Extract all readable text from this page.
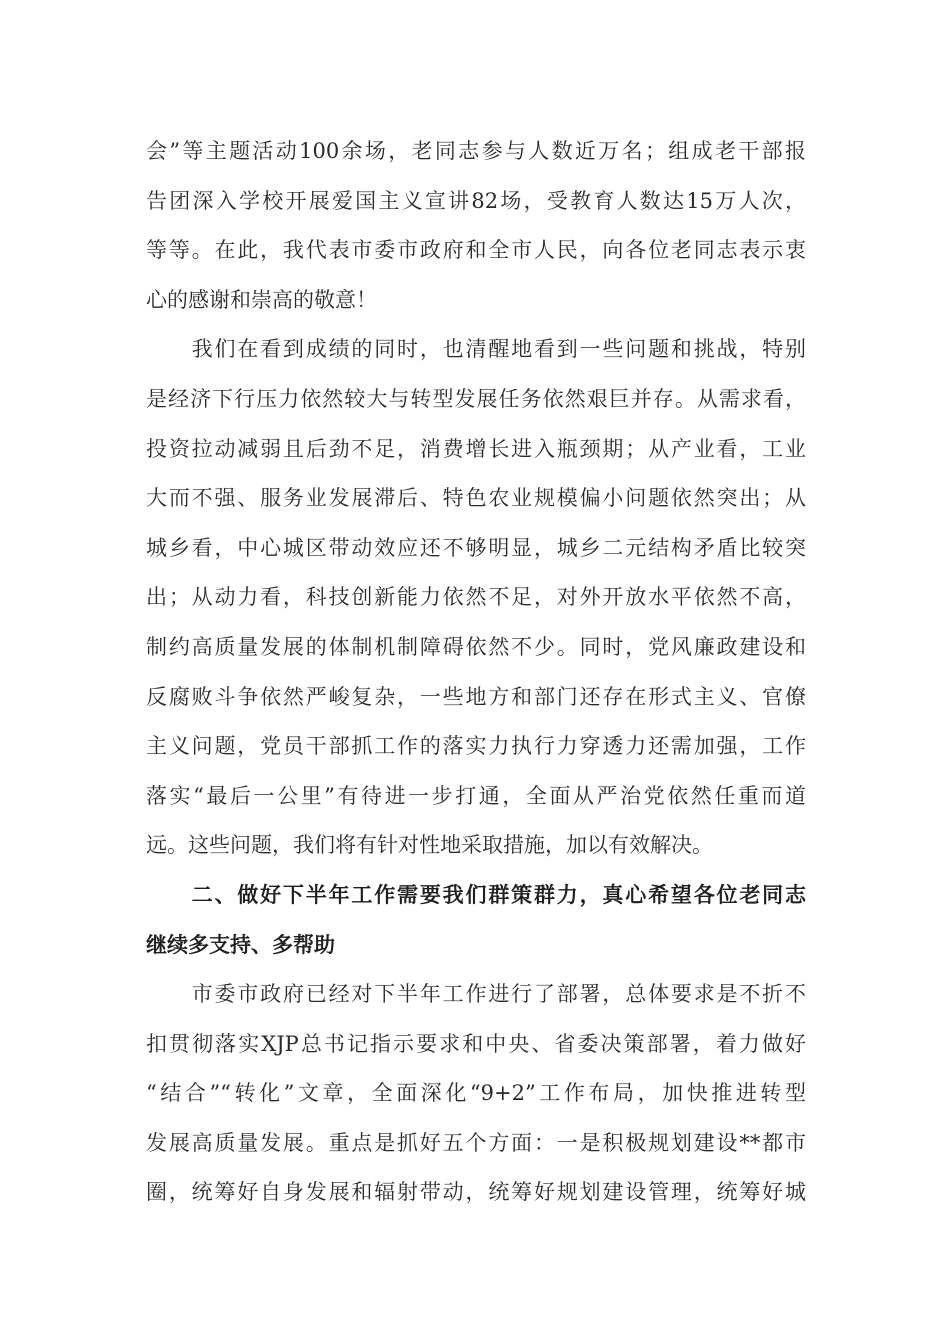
会”等主题活动100余场，老同志参与人数近万名；组成老干部报
告团深入学校开展爱国主义宣讲82场，受教育人数达15万人次，
等等。在此，我代表市委市政府和全市人民，向各位老同志表示衷
心的感谢和崇高的敬意！
　　我们在看到成绩的同时，也清醒地看到一些问题和挑战，特别
是经济下行压力依然较大与转型发展任务依然艰巨并存。从需求看，
投资拉动减弱且后劲不足，消费增长进入瓶颈期；从产业看，工业
大而不强、服务业发展滞后、特色农业规模偏小问题依然突出；从
城乡看，中心城区带动效应还不够明显，城乡二元结构矛盾比较突
出；从动力看，科技创新能力依然不足，对外开放水平依然不高，
制约高质量发展的体制机制障碍依然不少。同时，党风廉政建设和
反腐败斗争依然严峻复杂，一些地方和部门还存在形式主义、官僚
主义问题，党员干部抓工作的落实力执行力穿透力还需加强，工作
落实“最后一公里”有待进一步打通，全面从严治党依然任重而道
远。这些问题，我们将有针对性地采取措施，加以有效解决。
　　二、做好下半年工作需要我们群策群力，真心希望各位老同志
继续多支持、多帮助
　　市委市政府已经对下半年工作进行了部署，总体要求是不折不
扣贯彻落实XJP总书记指示要求和中央、省委决策部署，着力做好
“结合”“转化”文章，全面深化“9+2”工作布局，加快推进转型
发展高质量发展。重点是抓好五个方面：一是积极规划建设**都市
圈，统筹好自身发展和辐射带动，统筹好规划建设管理，统筹好城
